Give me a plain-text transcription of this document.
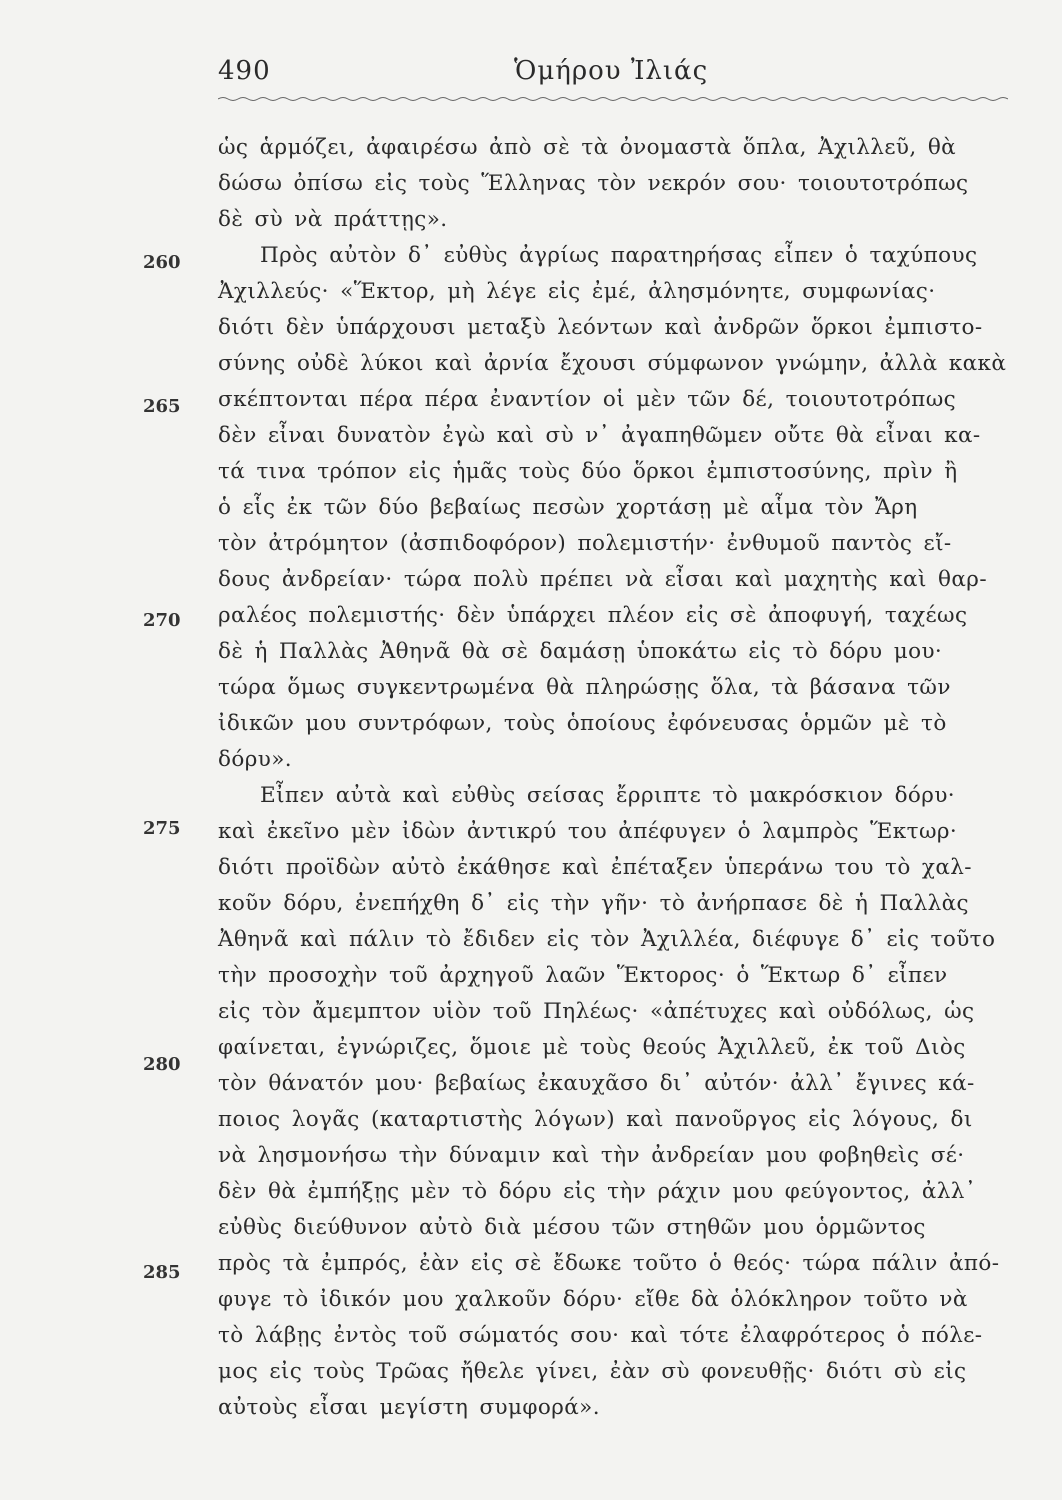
490	Ὁμήρου Ἰλιάς
ὡς ἁρμόζει, ἀφαιρέσω ἀπὸ σὲ τὰ ὀνομαστὰ ὅπλα, Ἀχιλλεῦ, θὰ
δώσω ὀπίσω εἰς τοὺς Ἕλληνας τὸν νεκρόν σου· τοιουτοτρόπως
δὲ σὺ νὰ πράττῃς».
Πρὸς αὐτὸν δ᾽ εὐθὺς ἀγρίως παρατηρήσας εἶπεν ὁ ταχύπους
Ἀχιλλεύς· «Ἕκτορ, μὴ λέγε εἰς ἐμέ, ἀλησμόνητε, συμφωνίας·
διότι δὲν ὑπάρχουσι μεταξὺ λεόντων καὶ ἀνδρῶν ὅρκοι ἐμπιστο-
σύνης οὐδὲ λύκοι καὶ ἀρνία ἔχουσι σύμφωνον γνώμην, ἀλλὰ κακὰ
σκέπτονται πέρα πέρα ἐναντίον οἱ μὲν τῶν δέ, τοιουτοτρόπως
δὲν εἶναι δυνατὸν ἐγὼ καὶ σὺ ν᾽ ἀγαπηθῶμεν οὔτε θὰ εἶναι κα-
τά τινα τρόπον εἰς ἡμᾶς τοὺς δύο ὅρκοι ἐμπιστοσύνης, πρὶν ἢ
ὁ εἷς ἐκ τῶν δύο βεβαίως πεσὼν χορτάσῃ μὲ αἷμα τὸν Ἄρη
τὸν ἀτρόμητον (ἀσπιδοφόρον) πολεμιστήν· ἐνθυμοῦ παντὸς εἴ-
δους ἀνδρείαν· τώρα πολὺ πρέπει νὰ εἶσαι καὶ μαχητὴς καὶ θαρ-
ραλέος πολεμιστής· δὲν ὑπάρχει πλέον εἰς σὲ ἀποφυγή, ταχέως
δὲ ἡ Παλλὰς Ἀθηνᾶ θὰ σὲ δαμάσῃ ὑποκάτω εἰς τὸ δόρυ μου·
τώρα ὅμως συγκεντρωμένα θὰ πληρώσῃς ὅλα, τὰ βάσανα τῶν
ἰδικῶν μου συντρόφων, τοὺς ὁποίους ἐφόνευσας ὁρμῶν μὲ τὸ
δόρυ».
Εἶπεν αὐτὰ καὶ εὐθὺς σείσας ἔρριπτε τὸ μακρόσκιον δόρυ·
καὶ ἐκεῖνο μὲν ἰδὼν ἀντικρύ του ἀπέφυγεν ὁ λαμπρὸς Ἕκτωρ·
διότι προϊδὼν αὐτὸ ἐκάθησε καὶ ἐπέταξεν ὑπεράνω του τὸ χαλ-
κοῦν δόρυ, ἐνεπήχθη δ᾽ εἰς τὴν γῆν· τὸ ἀνήρπασε δὲ ἡ Παλλὰς
Ἀθηνᾶ καὶ πάλιν τὸ ἔδιδεν εἰς τὸν Ἀχιλλέα, διέφυγε δ᾽ εἰς τοῦτο
τὴν προσοχὴν τοῦ ἀρχηγοῦ λαῶν Ἕκτορος· ὁ Ἕκτωρ δ᾽ εἶπεν
εἰς τὸν ἄμεμπτον υἱὸν τοῦ Πηλέως· «ἀπέτυχες καὶ οὐδόλως, ὡς
φαίνεται, ἐγνώριζες, ὅμοιε μὲ τοὺς θεούς Ἀχιλλεῦ, ἐκ τοῦ Διὸς
τὸν θάνατόν μου· βεβαίως ἐκαυχᾶσο δι᾽ αὐτόν· ἀλλ᾽ ἔγινες κά-
ποιος λογᾶς (καταρτιστὴς λόγων) καὶ πανοῦργος εἰς λόγους, δι
νὰ λησμονήσω τὴν δύναμιν καὶ τὴν ἀνδρείαν μου φοβηθεὶς σέ·
δὲν θὰ ἐμπήξῃς μὲν τὸ δόρυ εἰς τὴν ράχιν μου φεύγοντος, ἀλλ᾽
εὐθὺς διεύθυνον αὐτὸ διὰ μέσου τῶν στηθῶν μου ὁρμῶντος
πρὸς τὰ ἐμπρός, ἐὰν εἰς σὲ ἔδωκε τοῦτο ὁ θεός· τώρα πάλιν ἀπό-
φυγε τὸ ἰδικόν μου χαλκοῦν δόρυ· εἴθε δὰ ὁλόκληρον τοῦτο νὰ
τὸ λάβῃς ἐντὸς τοῦ σώματός σου· καὶ τότε ἐλαφρότερος ὁ πόλε-
μος εἰς τοὺς Τρῶας ἤθελε γίνει, ἐὰν σὺ φονευθῇς· διότι σὺ εἰς
αὐτοὺς εἶσαι μεγίστη συμφορά».
260
265
270
275
280
285
